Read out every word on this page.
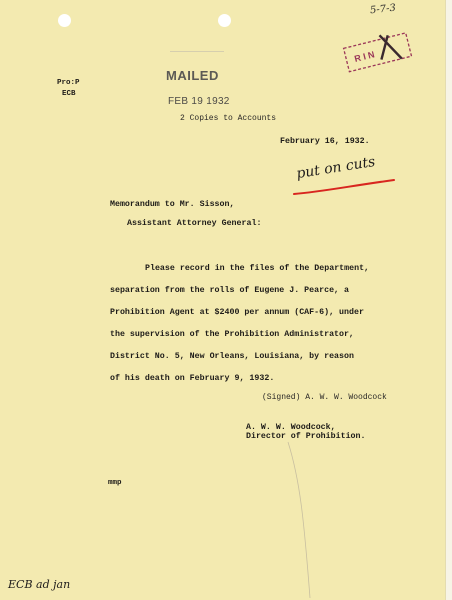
5-7-3
R I N
Pro:P
ECB
MAILED
FEB 19 1932
2 Copies to Accounts
February 16, 1932.
put on cuts
Memorandum to Mr. Sisson,
Assistant Attorney General:
Please record in the files of the Department,
separation from the rolls of Eugene J. Pearce, a
Prohibition Agent at $2400 per annum (CAF-6), under
the supervision of the Prohibition Administrator,
District No. 5, New Orleans, Louisiana, by reason
of his death on February 9, 1932.
(Signed) A. W. W. Woodcock
A. W. W. Woodcock,
Director of Prohibition.
mmp
ECB ad jan
